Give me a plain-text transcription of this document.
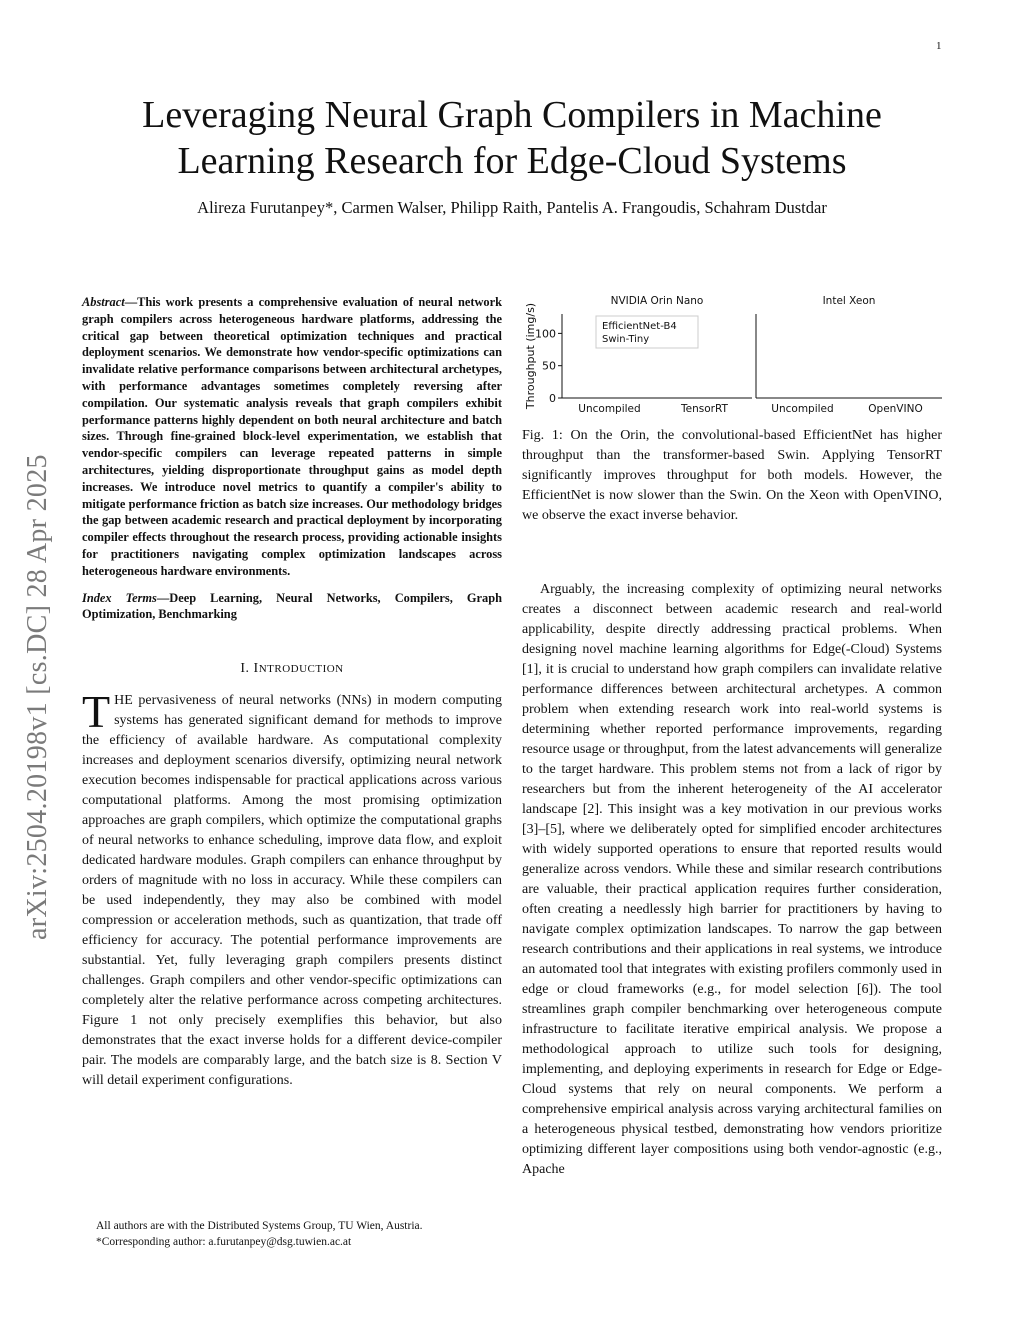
1
Leveraging Neural Graph Compilers in Machine
Learning Research for Edge-Cloud Systems
Alireza Furutanpey*, Carmen Walser, Philipp Raith, Pantelis A. Frangoudis, Schahram Dustdar
arXiv:2504.20198v1 [cs.DC] 28 Apr 2025

Abstract—This work presents a comprehensive evaluation of neural network graph compilers across heterogeneous hardware platforms, addressing the critical gap between theoretical optimization techniques and practical deployment scenarios. We demonstrate how vendor-specific optimizations can invalidate relative performance comparisons between architectural archetypes, with performance advantages sometimes completely reversing after compilation. Our systematic analysis reveals that graph compilers exhibit performance patterns highly dependent on both neural architecture and batch sizes. Through fine-grained block-level experimentation, we establish that vendor-specific compilers can leverage repeated patterns in simple architectures, yielding disproportionate throughput gains as model depth increases. We introduce novel metrics to quantify a compiler's ability to mitigate performance friction as batch size increases. Our methodology bridges the gap between academic research and practical deployment by incorporating compiler effects throughout the research process, providing actionable insights for practitioners navigating complex optimization landscapes across heterogeneous hardware environments.

Index Terms—Deep Learning, Neural Networks, Compilers, Graph Optimization, Benchmarking
I. INTRODUCTION

THE pervasiveness of neural networks (NNs) in modern computing systems has generated significant demand for methods to improve the efficiency of available hardware. As computational complexity increases and deployment scenarios diversify, optimizing neural network execution becomes indispensable for practical applications across various computational platforms. Among the most promising optimization approaches are graph compilers, which optimize the computational graphs of neural networks to enhance scheduling, improve data flow, and exploit dedicated hardware modules. Graph compilers can enhance throughput by orders of magnitude with no loss in accuracy. While these compilers can be used independently, they may also be combined with model compression or acceleration methods, such as quantization, that trade off efficiency for accuracy. The potential performance improvements are substantial. Yet, fully leveraging graph compilers presents distinct challenges. Graph compilers and other vendor-specific optimizations can completely alter the relative performance across competing architectures. Figure 1 not only precisely exemplifies this behavior, but also demonstrates that the exact inverse holds for a different device-compiler pair. The models are comparably large, and the batch size is 8. Section V will detail experiment configurations.

All authors are with the Distributed Systems Group, TU Wien, Austria.

*Corresponding author: a.furutanpey@dsg.tuwien.ac.at

Throughput (img/s) 0
50
100
NVIDIA Orin Nano
Uncompiled	TensorRT
Intel Xeon
Uncompiled	OpenVINO
EfficientNet-B4
Swin-Tiny

Fig. 1: On the Orin, the convolutional-based EfficientNet has higher throughput than the transformer-based Swin. Applying TensorRT significantly improves throughput for both models. However, the EfficientNet is now slower than the Swin. On the Xeon with OpenVINO, we observe the exact inverse behavior.

Arguably, the increasing complexity of optimizing neural networks creates a disconnect between academic research and real-world applicability, despite directly addressing practical problems. When designing novel machine learning algorithms for Edge(-Cloud) Systems [1], it is crucial to understand how graph compilers can invalidate relative performance differences between architectural archetypes. A common problem when extending research work into real-world systems is determining whether reported performance improvements, regarding resource usage or throughput, from the latest advancements will generalize to the target hardware. This problem stems not from a lack of rigor by researchers but from the inherent heterogeneity of the AI accelerator landscape [2]. This insight was a key motivation in our previous works [3]–[5], where we deliberately opted for simplified encoder architectures with widely supported operations to ensure that reported results would generalize across vendors. While these and similar research contributions are valuable, their practical application requires further consideration, often creating a needlessly high barrier for practitioners by having to navigate complex optimization landscapes. To narrow the gap between research contributions and their applications in real systems, we introduce an automated tool that integrates with existing profilers commonly used in edge or cloud frameworks (e.g., for model selection [6]). The tool streamlines graph compiler benchmarking over heterogeneous compute infrastructure to facilitate iterative empirical analysis. We propose a methodological approach to utilize such tools for designing, implementing, and deploying experiments in research for Edge or Edge-Cloud systems that rely on neural components. We perform a comprehensive empirical analysis across varying architectural families on a heterogeneous physical testbed, demonstrating how vendors prioritize optimizing different layer compositions using both vendor-agnostic (e.g., Apache
